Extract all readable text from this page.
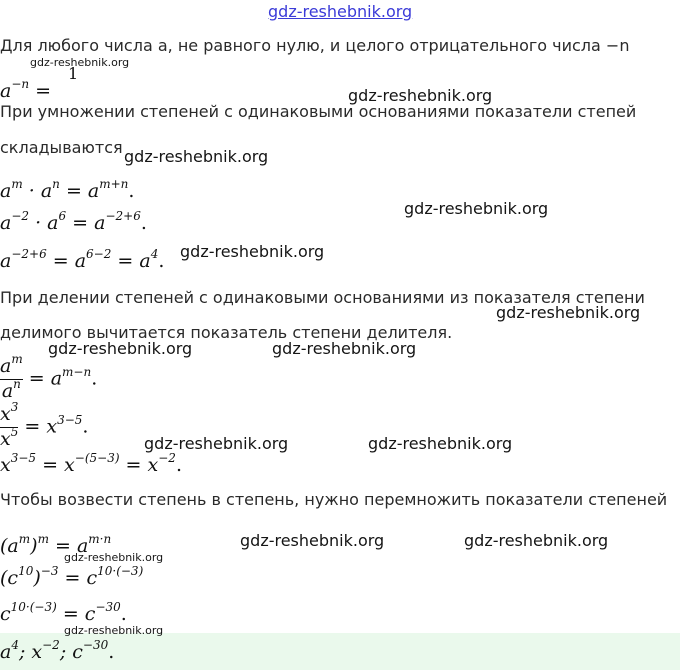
gdz-reshebnik.org
Для любого числа a, не равного нулю, и целого отрицательного числа −n
$a^{-n}$ =
1
При умножении степеней с одинаковыми основаниями показатели степей
складываются
$a^m \cdot a^n = a^{m+n}$.
$a^{-2} \cdot a^6 = a^{-2+6}$.
$a^{-2+6} = a^{6-2} = a^4$.
При делении степеней с одинаковыми основаниями из показателя степени
делимого вычитается показатель степени делителя.
$\frac{a^m}{a^n} = a^{m-n}$.
$\frac{x^3}{x^5} = x^{3-5}$.
$x^{3-5} = x^{-(5-3)} = x^{-2}$.
Чтобы возвести степень в степень, нужно перемножить показатели степеней
$(a^m)^m = a^{m\cdot n}$
$(c^{10})^{-3} = c^{10\cdot(-3)}$
$c^{10\cdot(-3)} = c^{-30}$.
$a^4$; $x^{-2}$; $c^{-30}$.
gdz-reshebnik.org
gdz-reshebnik.org
gdz-reshebnik.org
gdz-reshebnik.org
gdz-reshebnik.org
gdz-reshebnik.org
gdz-reshebnik.org	gdz-reshebnik.org
gdz-reshebnik.org	gdz-reshebnik.org
gdz-reshebnik.org	gdz-reshebnik.org
gdz-reshebnik.org
gdz-reshebnik.org
